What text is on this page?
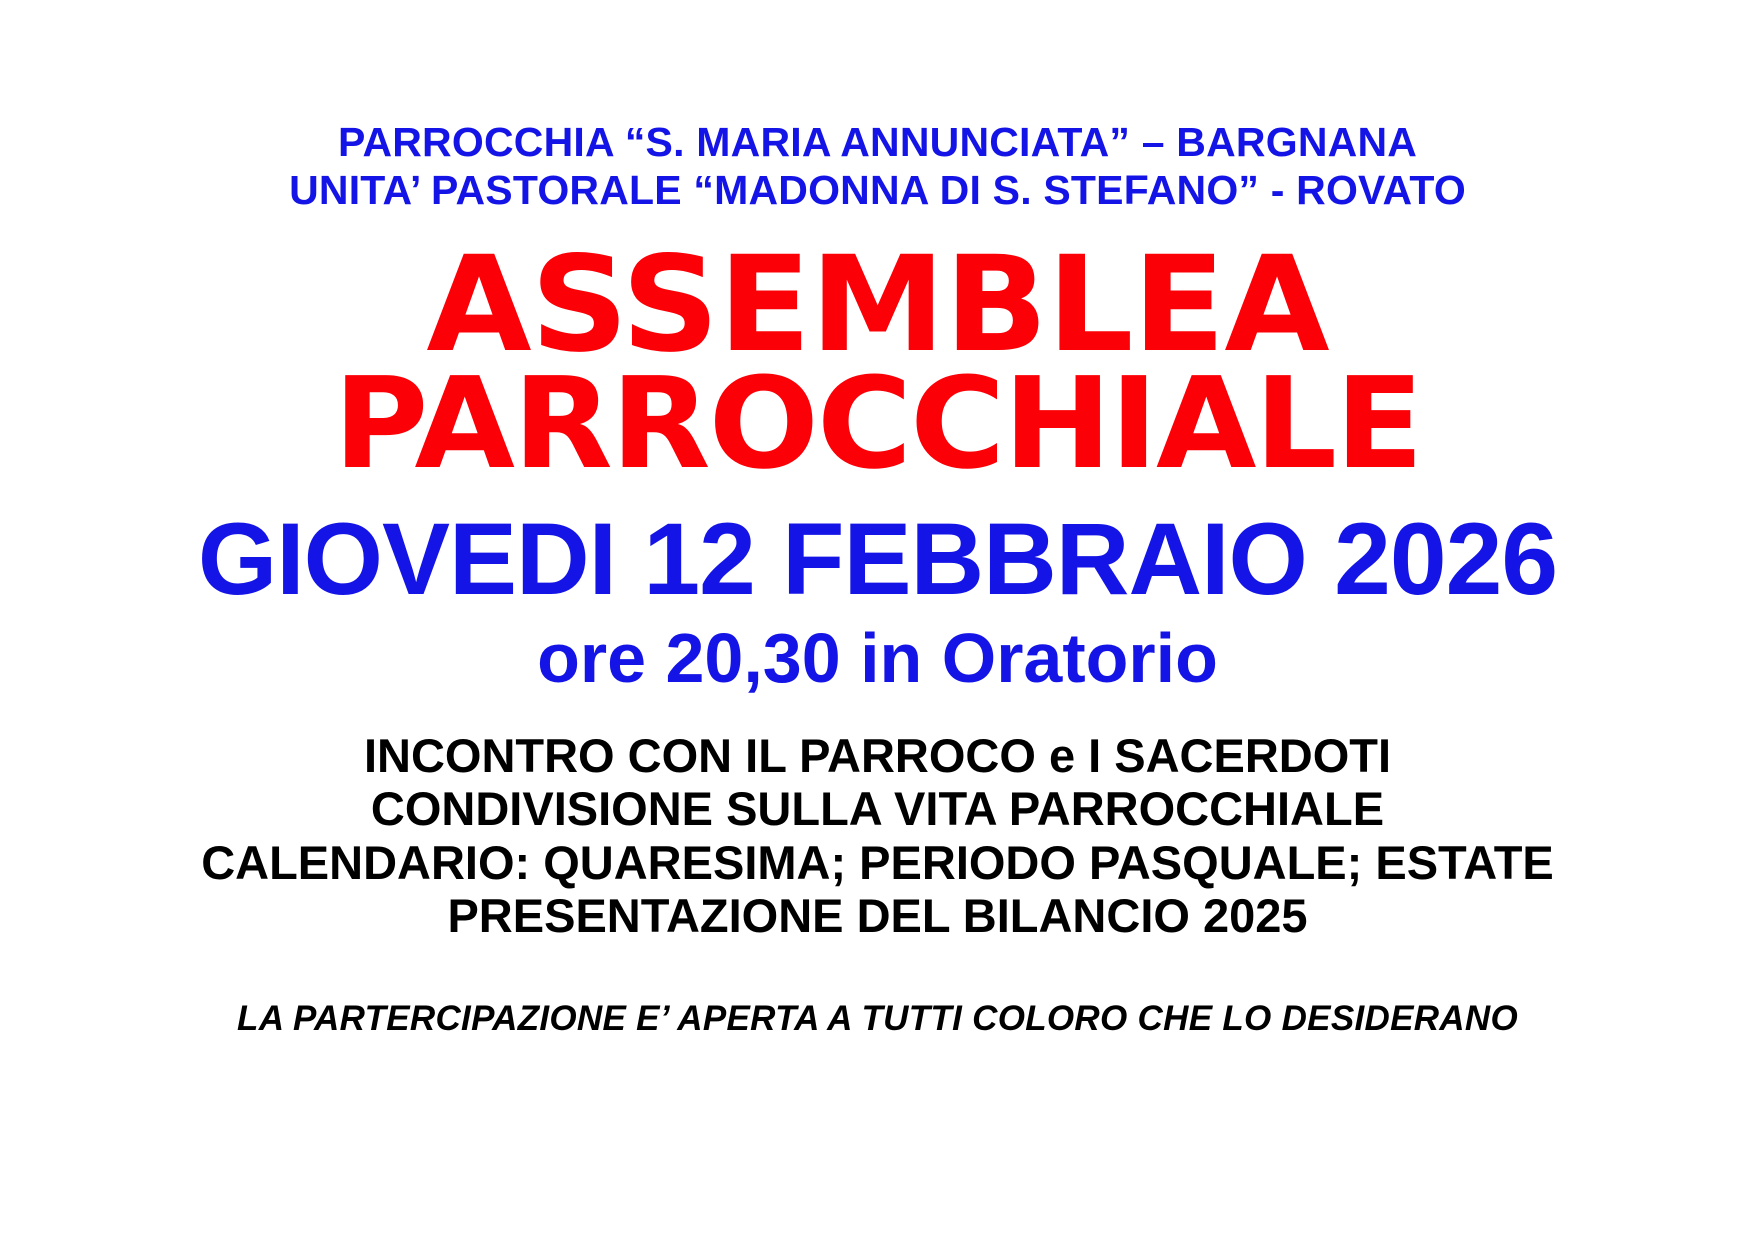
PARROCCHIA “S. MARIA ANNUNCIATA” – BARGNANA
UNITA’ PASTORALE “MADONNA DI S. STEFANO” - ROVATO
ASSEMBLEA
PARROCCHIALE
GIOVEDI 12 FEBBRAIO 2026
ore 20,30 in Oratorio
INCONTRO CON IL PARROCO e I SACERDOTI
CONDIVISIONE SULLA VITA PARROCCHIALE
CALENDARIO: QUARESIMA; PERIODO PASQUALE; ESTATE
PRESENTAZIONE DEL BILANCIO 2025
LA PARTERCIPAZIONE E’ APERTA A TUTTI COLORO CHE LO DESIDERANO
